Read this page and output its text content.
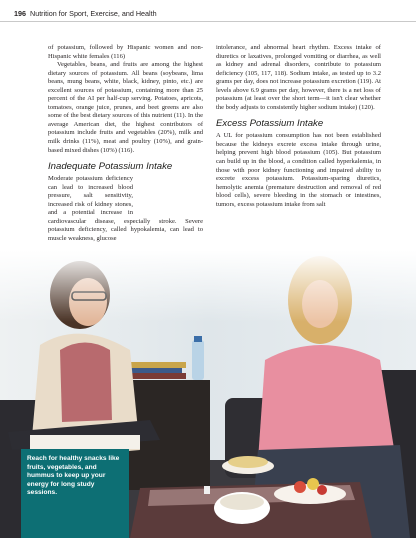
196 Nutrition for Sport, Exercise, and Health

of potassium, followed by Hispanic women and non-Hispanic white females (116)

Vegetables, beans, and fruits are among the highest dietary sources of potassium. All beans (soybeans, lima beans, mung beans, white, black, kidney, pinto, etc.) are excellent sources of potassium, containing more than 25 percent of the AI per half-cup serving. Potatoes, apricots, tomatoes, orange juice, prunes, and beet greens are also some of the best dietary sources of this nutrient (11). In the average American diet, the highest contributors of potassium include fruits and vegetables (20%), milk and milk drinks (11%), meat and poultry (10%), and grain-based mixed dishes (10%) (116).

Inadequate Potassium Intake

Moderate potassium deficiency can lead to increased blood pressure, salt sensitivity, increased risk of kidney stones, and a potential increase in cardiovascular disease, especially stroke. Severe potassium deficiency, called hypokalemia, can lead to muscle weakness, glucose

intolerance, and abnormal heart rhythm. Excess intake of diuretics or laxatives, prolonged vomiting or diarrhea, as well as kidney and adrenal disorders, contribute to potassium deficiency (105, 117, 118). Sodium intake, as tested up to 3.2 grams per day, does not increase potassium excretion (119). At levels above 6.9 grams per day, however, there is a net loss of potassium (at least over the short term—it isn't clear whether the body adjusts to consistently higher sodium intake) (120).

Excess Potassium Intake

A UL for potassium consumption has not been established because the kidneys excrete excess intake through urine, helping prevent high blood potassium (105). But potassium can build up in the blood, a condition called hyperkalemia, in those with poor kidney functioning and impaired ability to excrete excess potassium. Potassium-sparing diuretics, hemolytic anemia (premature destruction and removal of red blood cells), severe bleeding in the stomach or intestines, tumors, excess potassium intake from salt

Reach for healthy snacks like fruits, vegetables, and hummus to keep up your energy for long study sessions.
